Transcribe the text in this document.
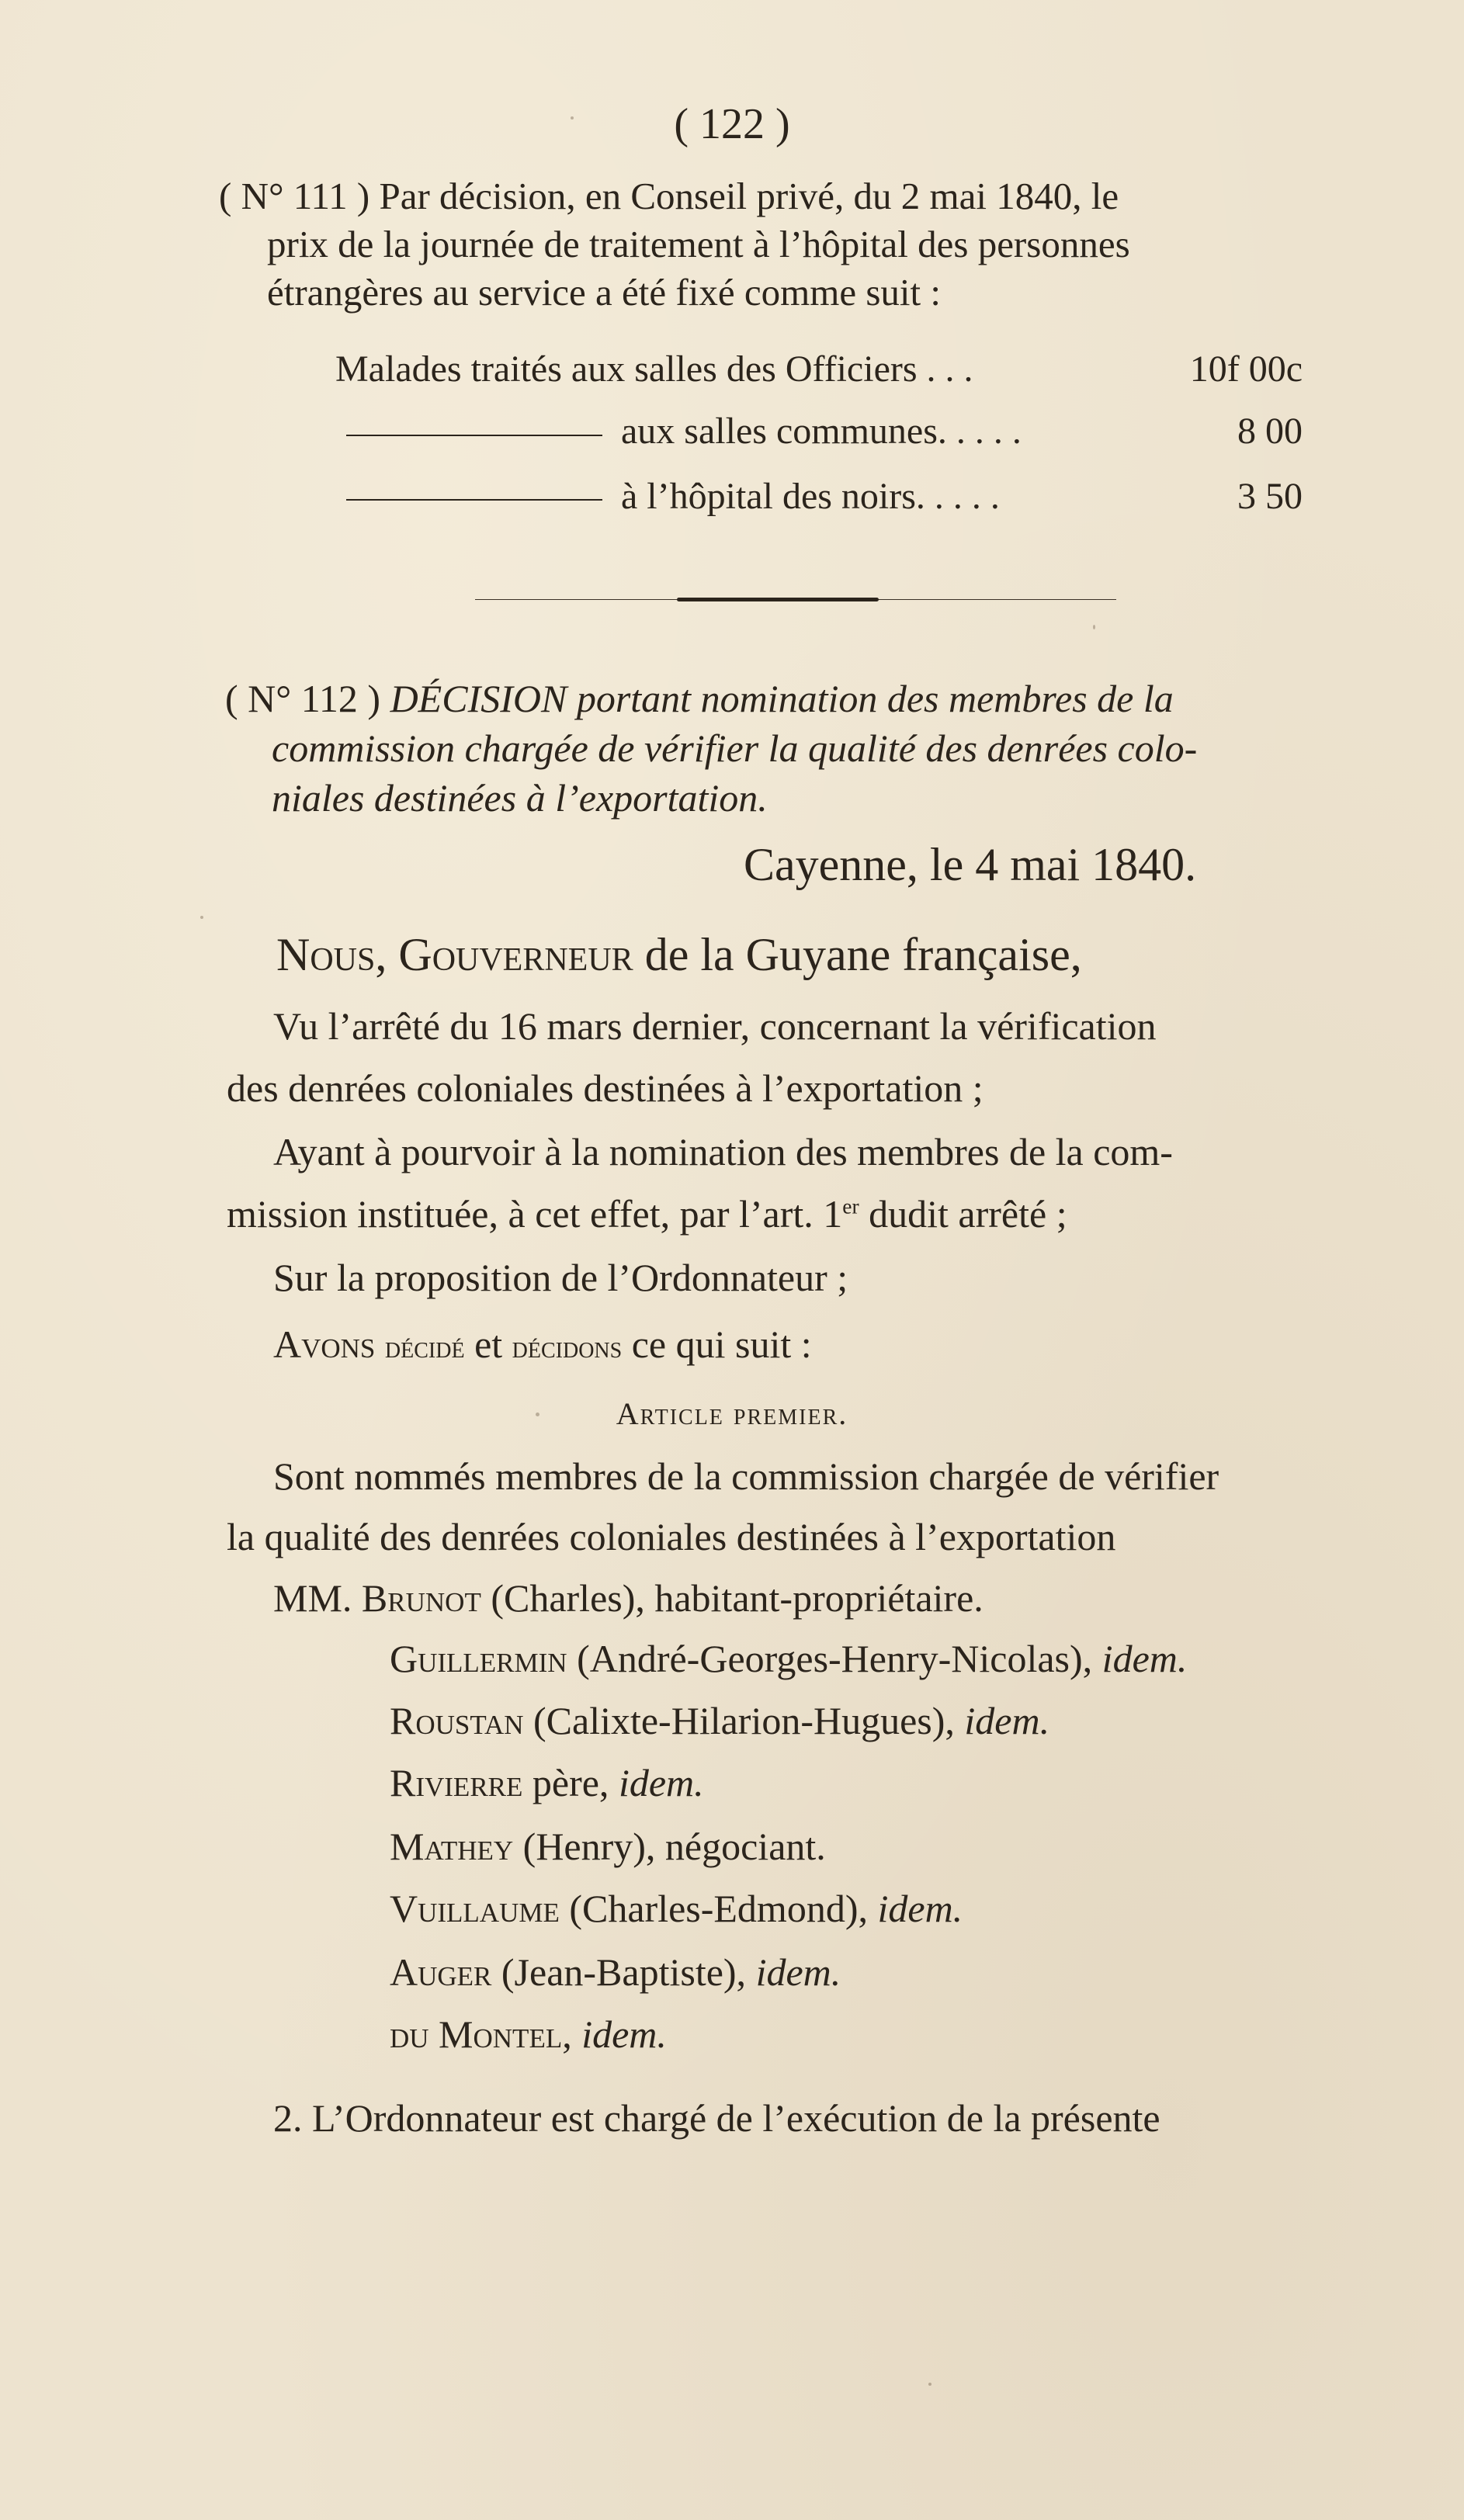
( 122 )
( N° 111 ) Par décision, en Conseil privé, du 2 mai 1840, le
prix de la journée de traitement à l’hôpital des personnes
étrangères au service a été fixé comme suit :
Malades traités aux salles des Officiers . . .	10f 00c
aux salles communes. . . . .	8 00
à l’hôpital des noirs. . . . .	3 50
( N° 112 ) DÉCISION portant nomination des membres de la
commission chargée de vérifier la qualité des denrées colo-
niales destinées à l’exportation.
Cayenne, le 4 mai 1840.
Nous, Gouverneur de la Guyane française,
Vu l’arrêté du 16 mars dernier, concernant la vérification
des denrées coloniales destinées à l’exportation ;
Ayant à pourvoir à la nomination des membres de la com-
mission instituée, à cet effet, par l’art. 1er dudit arrêté ;
Sur la proposition de l’Ordonnateur ;
Avons décidé et décidons ce qui suit :
Article premier.
Sont nommés membres de la commission chargée de vérifier
la qualité des denrées coloniales destinées à l’exportation
MM. Brunot (Charles), habitant-propriétaire.
Guillermin (André-Georges-Henry-Nicolas), idem.
Roustan (Calixte-Hilarion-Hugues), idem.
Rivierre père, idem.
Mathey (Henry), négociant.
Vuillaume (Charles-Edmond), idem.
Auger (Jean-Baptiste), idem.
du Montel, idem.
2. L’Ordonnateur est chargé de l’exécution de la présente
